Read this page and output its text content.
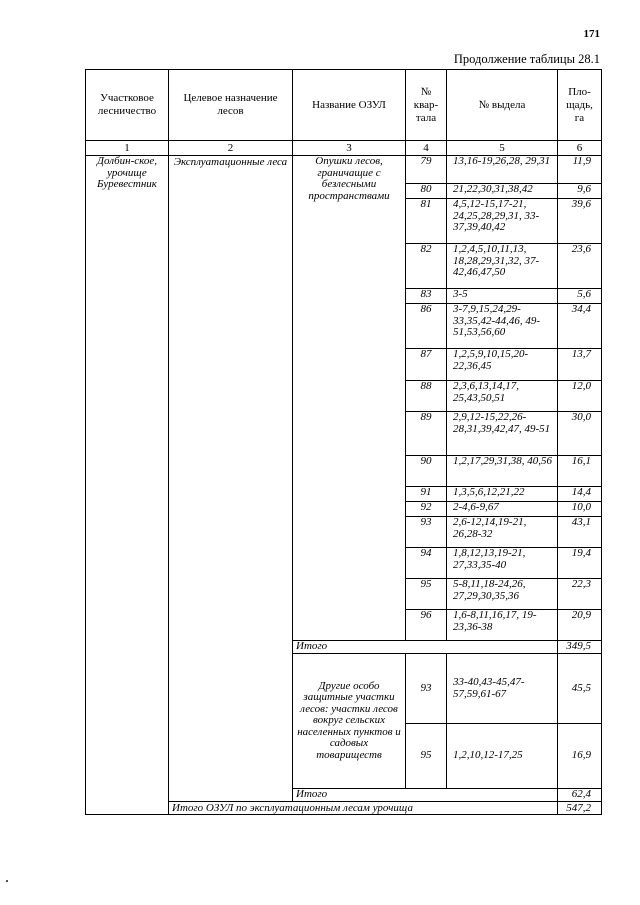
171
Продолжение таблицы 28.1
Участковое лесничество	Целевое назначение лесов	Название ОЗУЛ	№ квар-тала	№ выдела	Пло-щадь, га
1	2	3	4	5	6
Долбин-ское, урочище Буревестник	Эксплуатационные леса	Опушки лесов, граничащие с безлесными пространствами	79	13,16-19,26,28, 29,31	11,9
			80	21,22,30,31,38,42	9,6
			81	4,5,12-15,17-21, 24,25,28,29,31, 33-37,39,40,42	39,6
			82	1,2,4,5,10,11,13, 18,28,29,31,32, 37-42,46,47,50	23,6
			83	3-5	5,6
			86	3-7,9,15,24,29- 33,35,42-44,46, 49-51,53,56,60	34,4
			87	1,2,5,9,10,15,20- 22,36,45	13,7
			88	2,3,6,13,14,17, 25,43,50,51	12,0
			89	2,9,12-15,22,26- 28,31,39,42,47, 49-51	30,0
			90	1,2,17,29,31,38, 40,56	16,1
			91	1,3,5,6,12,21,22	14,4
			92	2-4,6-9,67	10,0
			93	2,6-12,14,19-21, 26,28-32	43,1
			94	1,8,12,13,19-21, 27,33,35-40	19,4
			95	5-8,11,18-24,26, 27,29,30,35,36	22,3
			96	1,6-8,11,16,17, 19-23,36-38	20,9
		Итого			349,5
		Другие особо защитные участки лесов: участки лесов вокруг сельских населенных пунктов и садовых товариществ	93	33-40,43-45,47- 57,59,61-67	45,5
			95	1,2,10,12-17,25	16,9
		Итого			62,4
	Итого ОЗУЛ по эксплуатационным лесам урочища				547,2
